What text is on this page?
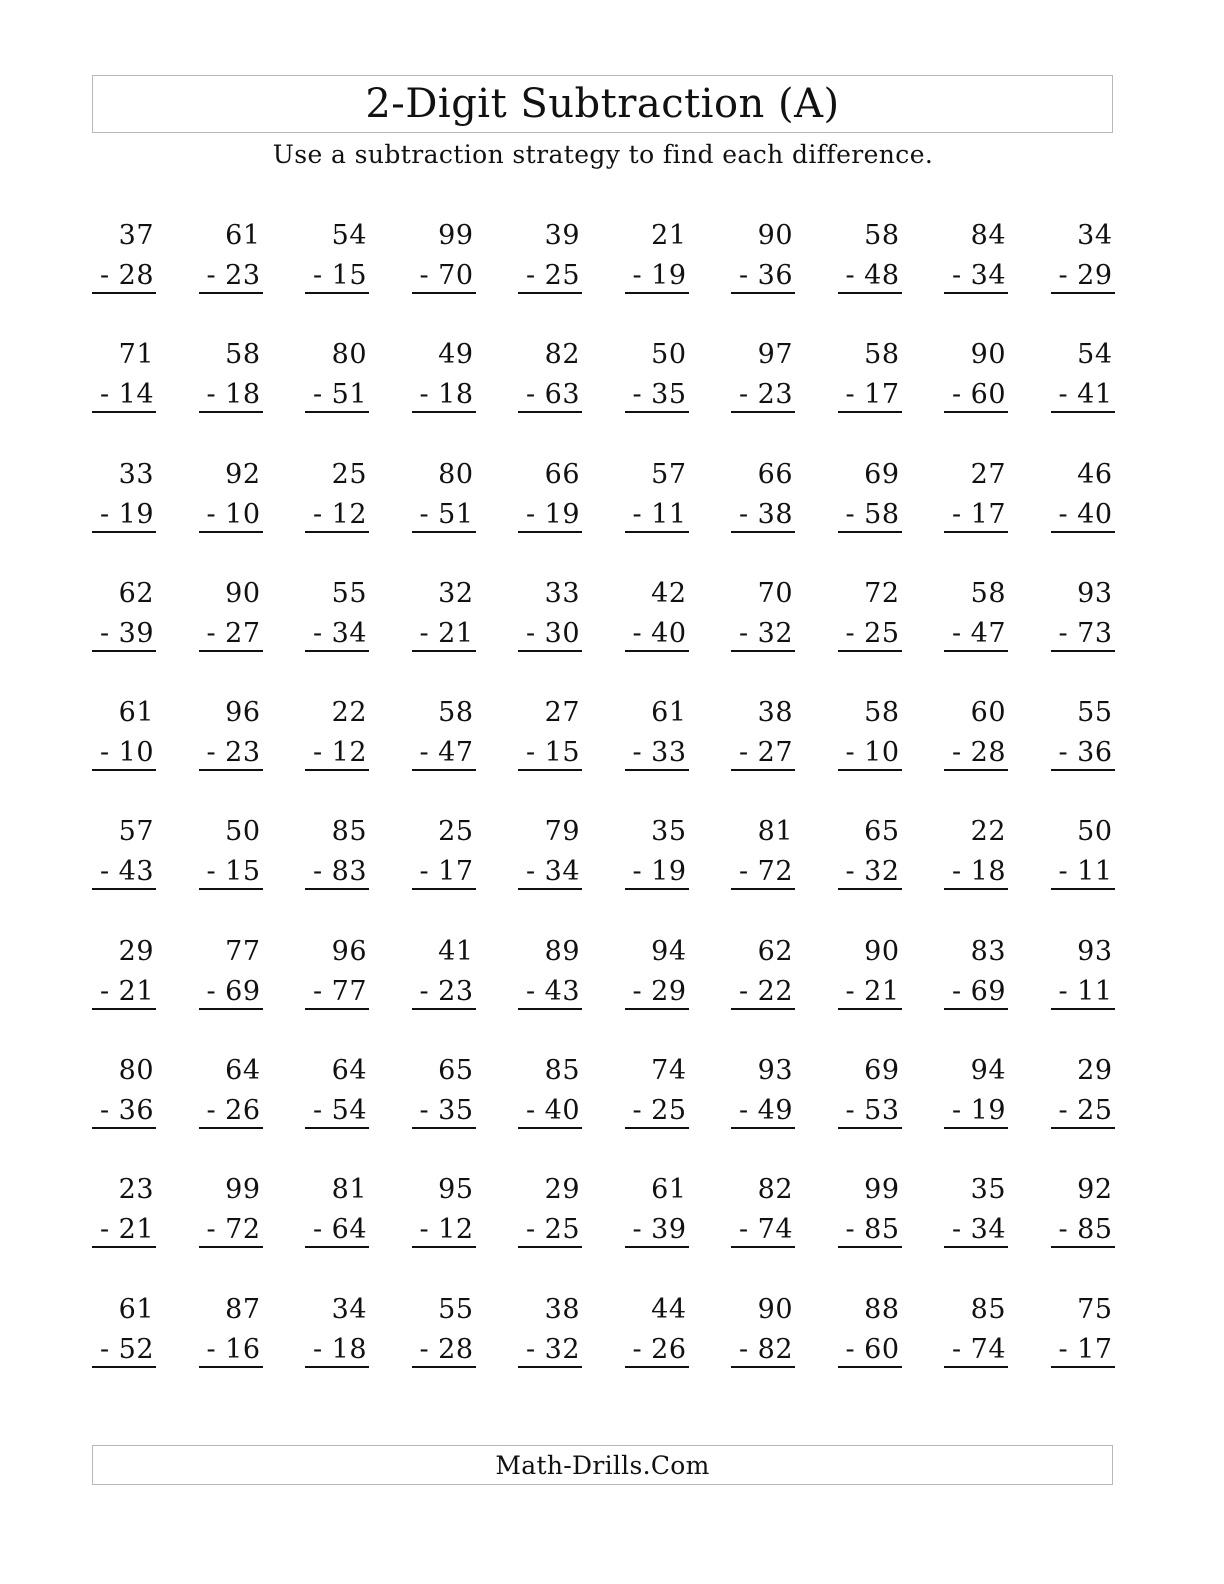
2-Digit Subtraction (A)
Use a subtraction strategy to find each difference.
37
- 28
61
- 23
54
- 15
99
- 70
39
- 25
21
- 19
90
- 36
58
- 48
84
- 34
34
- 29
71
- 14
58
- 18
80
- 51
49
- 18
82
- 63
50
- 35
97
- 23
58
- 17
90
- 60
54
- 41
33
- 19
92
- 10
25
- 12
80
- 51
66
- 19
57
- 11
66
- 38
69
- 58
27
- 17
46
- 40
62
- 39
90
- 27
55
- 34
32
- 21
33
- 30
42
- 40
70
- 32
72
- 25
58
- 47
93
- 73
61
- 10
96
- 23
22
- 12
58
- 47
27
- 15
61
- 33
38
- 27
58
- 10
60
- 28
55
- 36
57
- 43
50
- 15
85
- 83
25
- 17
79
- 34
35
- 19
81
- 72
65
- 32
22
- 18
50
- 11
29
- 21
77
- 69
96
- 77
41
- 23
89
- 43
94
- 29
62
- 22
90
- 21
83
- 69
93
- 11
80
- 36
64
- 26
64
- 54
65
- 35
85
- 40
74
- 25
93
- 49
69
- 53
94
- 19
29
- 25
23
- 21
99
- 72
81
- 64
95
- 12
29
- 25
61
- 39
82
- 74
99
- 85
35
- 34
92
- 85
61
- 52
87
- 16
34
- 18
55
- 28
38
- 32
44
- 26
90
- 82
88
- 60
85
- 74
75
- 17
Math-Drills.Com
